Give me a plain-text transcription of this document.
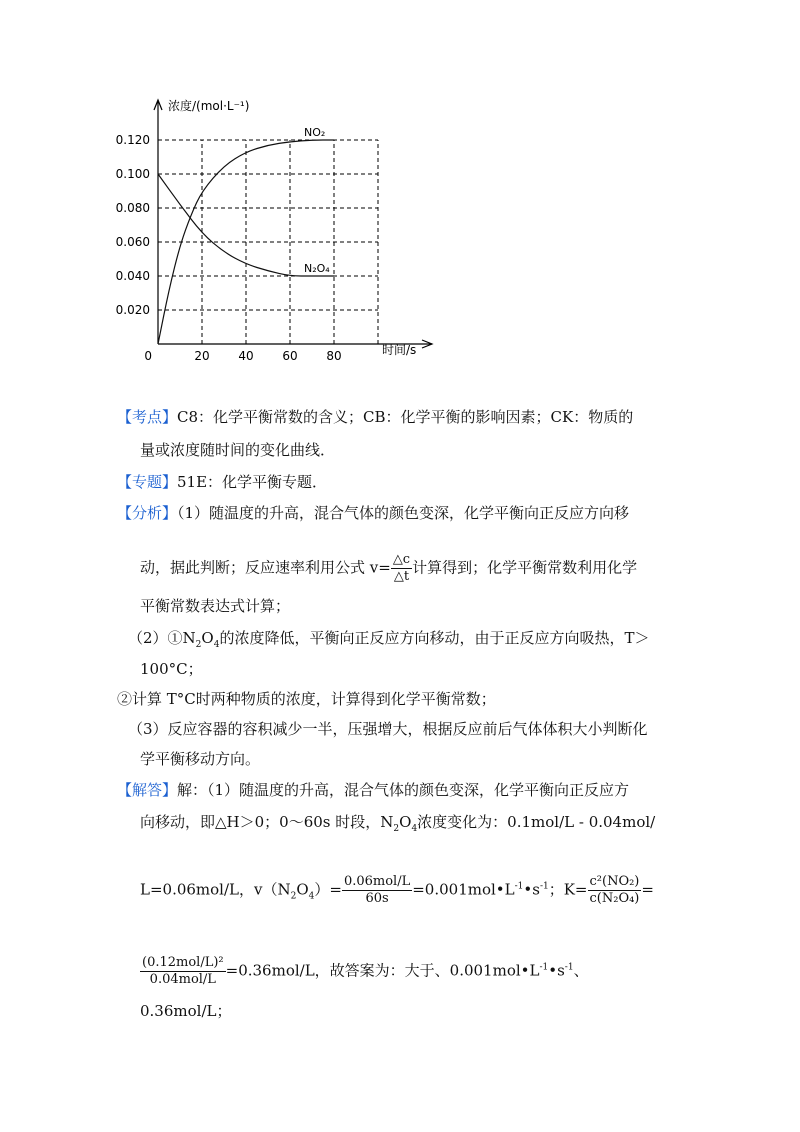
0.020
0.040
0.060
0.080
0.100
0.120
0	20 40 60 80
NO₂
N₂O₄
浓度/(mol·L⁻¹)
时间/s
【考点】C8：化学平衡常数的含义；CB：化学平衡的影响因素；CK：物质的
量或浓度随时间的变化曲线．
【专题】51E：化学平衡专题．
【分析】（1）随温度的升高，混合气体的颜色变深，化学平衡向正反应方向移
动，据此判断；反应速率利用公式 $v= \frac{\triangle c}{\triangle t}$ 计算得到；化学平衡常数利用化学
平衡常数表达式计算；
$(2)①N_2O_4$的浓度降低，平衡向正反应方向移动，由于正反应方向吸热，T＞
100°C；
②计算 T°C时两种物质的浓度，计算得到化学平衡常数；
（3）反应容器的容积减少一半，压强增大，根据反应前后气体体积大小判断化
学平衡移动方向。
【解答】解：（1）随温度的升高，混合气体的颜色变深，化学平衡向正反应方
向移动，即△H＞0；0～60s 时段，$N_2O_4$浓度变化为：0.1mol/L - 0.04mol/
L=0.06mol/L，$v(N_2O_4)= \frac{\text{0.06mol/L}}{60s}$ $=0.001mol•L^{-1}•s^{-1}$；$K= \frac{\text{c²(NO₂)}}{\text{c(N₂O₄)}}$ =
$\frac{\text{(0.12mol/L)²}}{\text{0.04mol/L}} =0.36mol/L$，故答案为：大于、$0.001mol•L^{-1}•s^{-1}$、
0.36mol/L；
